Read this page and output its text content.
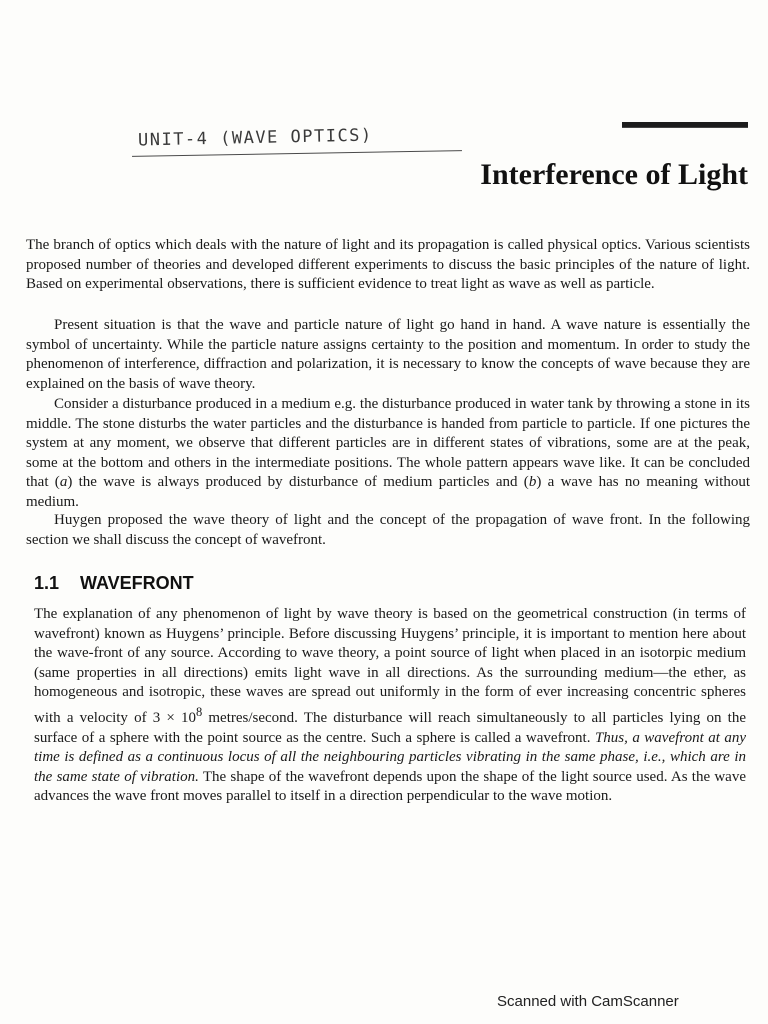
UNIT-4 (WAVE OPTICS)
Interference of Light

The branch of optics which deals with the nature of light and its propagation is called physical optics. Various scientists proposed number of theories and developed different experiments to discuss the basic principles of the nature of light. Based on experimental observations, there is sufficient evidence to treat light as wave as well as particle.

Present situation is that the wave and particle nature of light go hand in hand. A wave nature is essentially the symbol of uncertainty. While the particle nature assigns certainty to the position and momentum. In order to study the phenomenon of interference, diffraction and polarization, it is necessary to know the concepts of wave because they are explained on the basis of wave theory.

Consider a disturbance produced in a medium e.g. the disturbance produced in water tank by throwing a stone in its middle. The stone disturbs the water particles and the disturbance is handed from particle to particle. If one pictures the system at any moment, we observe that different particles are in different states of vibrations, some are at the peak, some at the bottom and others in the intermediate positions. The whole pattern appears wave like. It can be concluded that (a) the wave is always produced by disturbance of medium particles and (b) a wave has no meaning without medium.

Huygen proposed the wave theory of light and the concept of the propagation of wave front. In the following section we shall discuss the concept of wavefront.

1.1 WAVEFRONT

The explanation of any phenomenon of light by wave theory is based on the geometrical construction (in terms of wavefront) known as Huygens’ principle. Before discussing Huygens’ principle, it is important to mention here about the wave-front of any source. According to wave theory, a point source of light when placed in an isotorpic medium (same properties in all directions) emits light wave in all directions. As the surrounding medium—the ether, as homogeneous and isotropic, these waves are spread out uniformly in the form of ever increasing concentric spheres with a velocity of $3 \times 10^8$ metres/second. The disturbance will reach simultaneously to all particles lying on the surface of a sphere with the point source as the centre. Such a sphere is called a wavefront. Thus, a wavefront at any time is defined as a continuous locus of all the neighbouring particles vibrating in the same phase, i.e., which are in the same state of vibration. The shape of the wavefront depends upon the shape of the light source used. As the wave advances the wave front moves parallel to itself in a direction perpendicular to the wave motion.

Scanned with CamScanner
